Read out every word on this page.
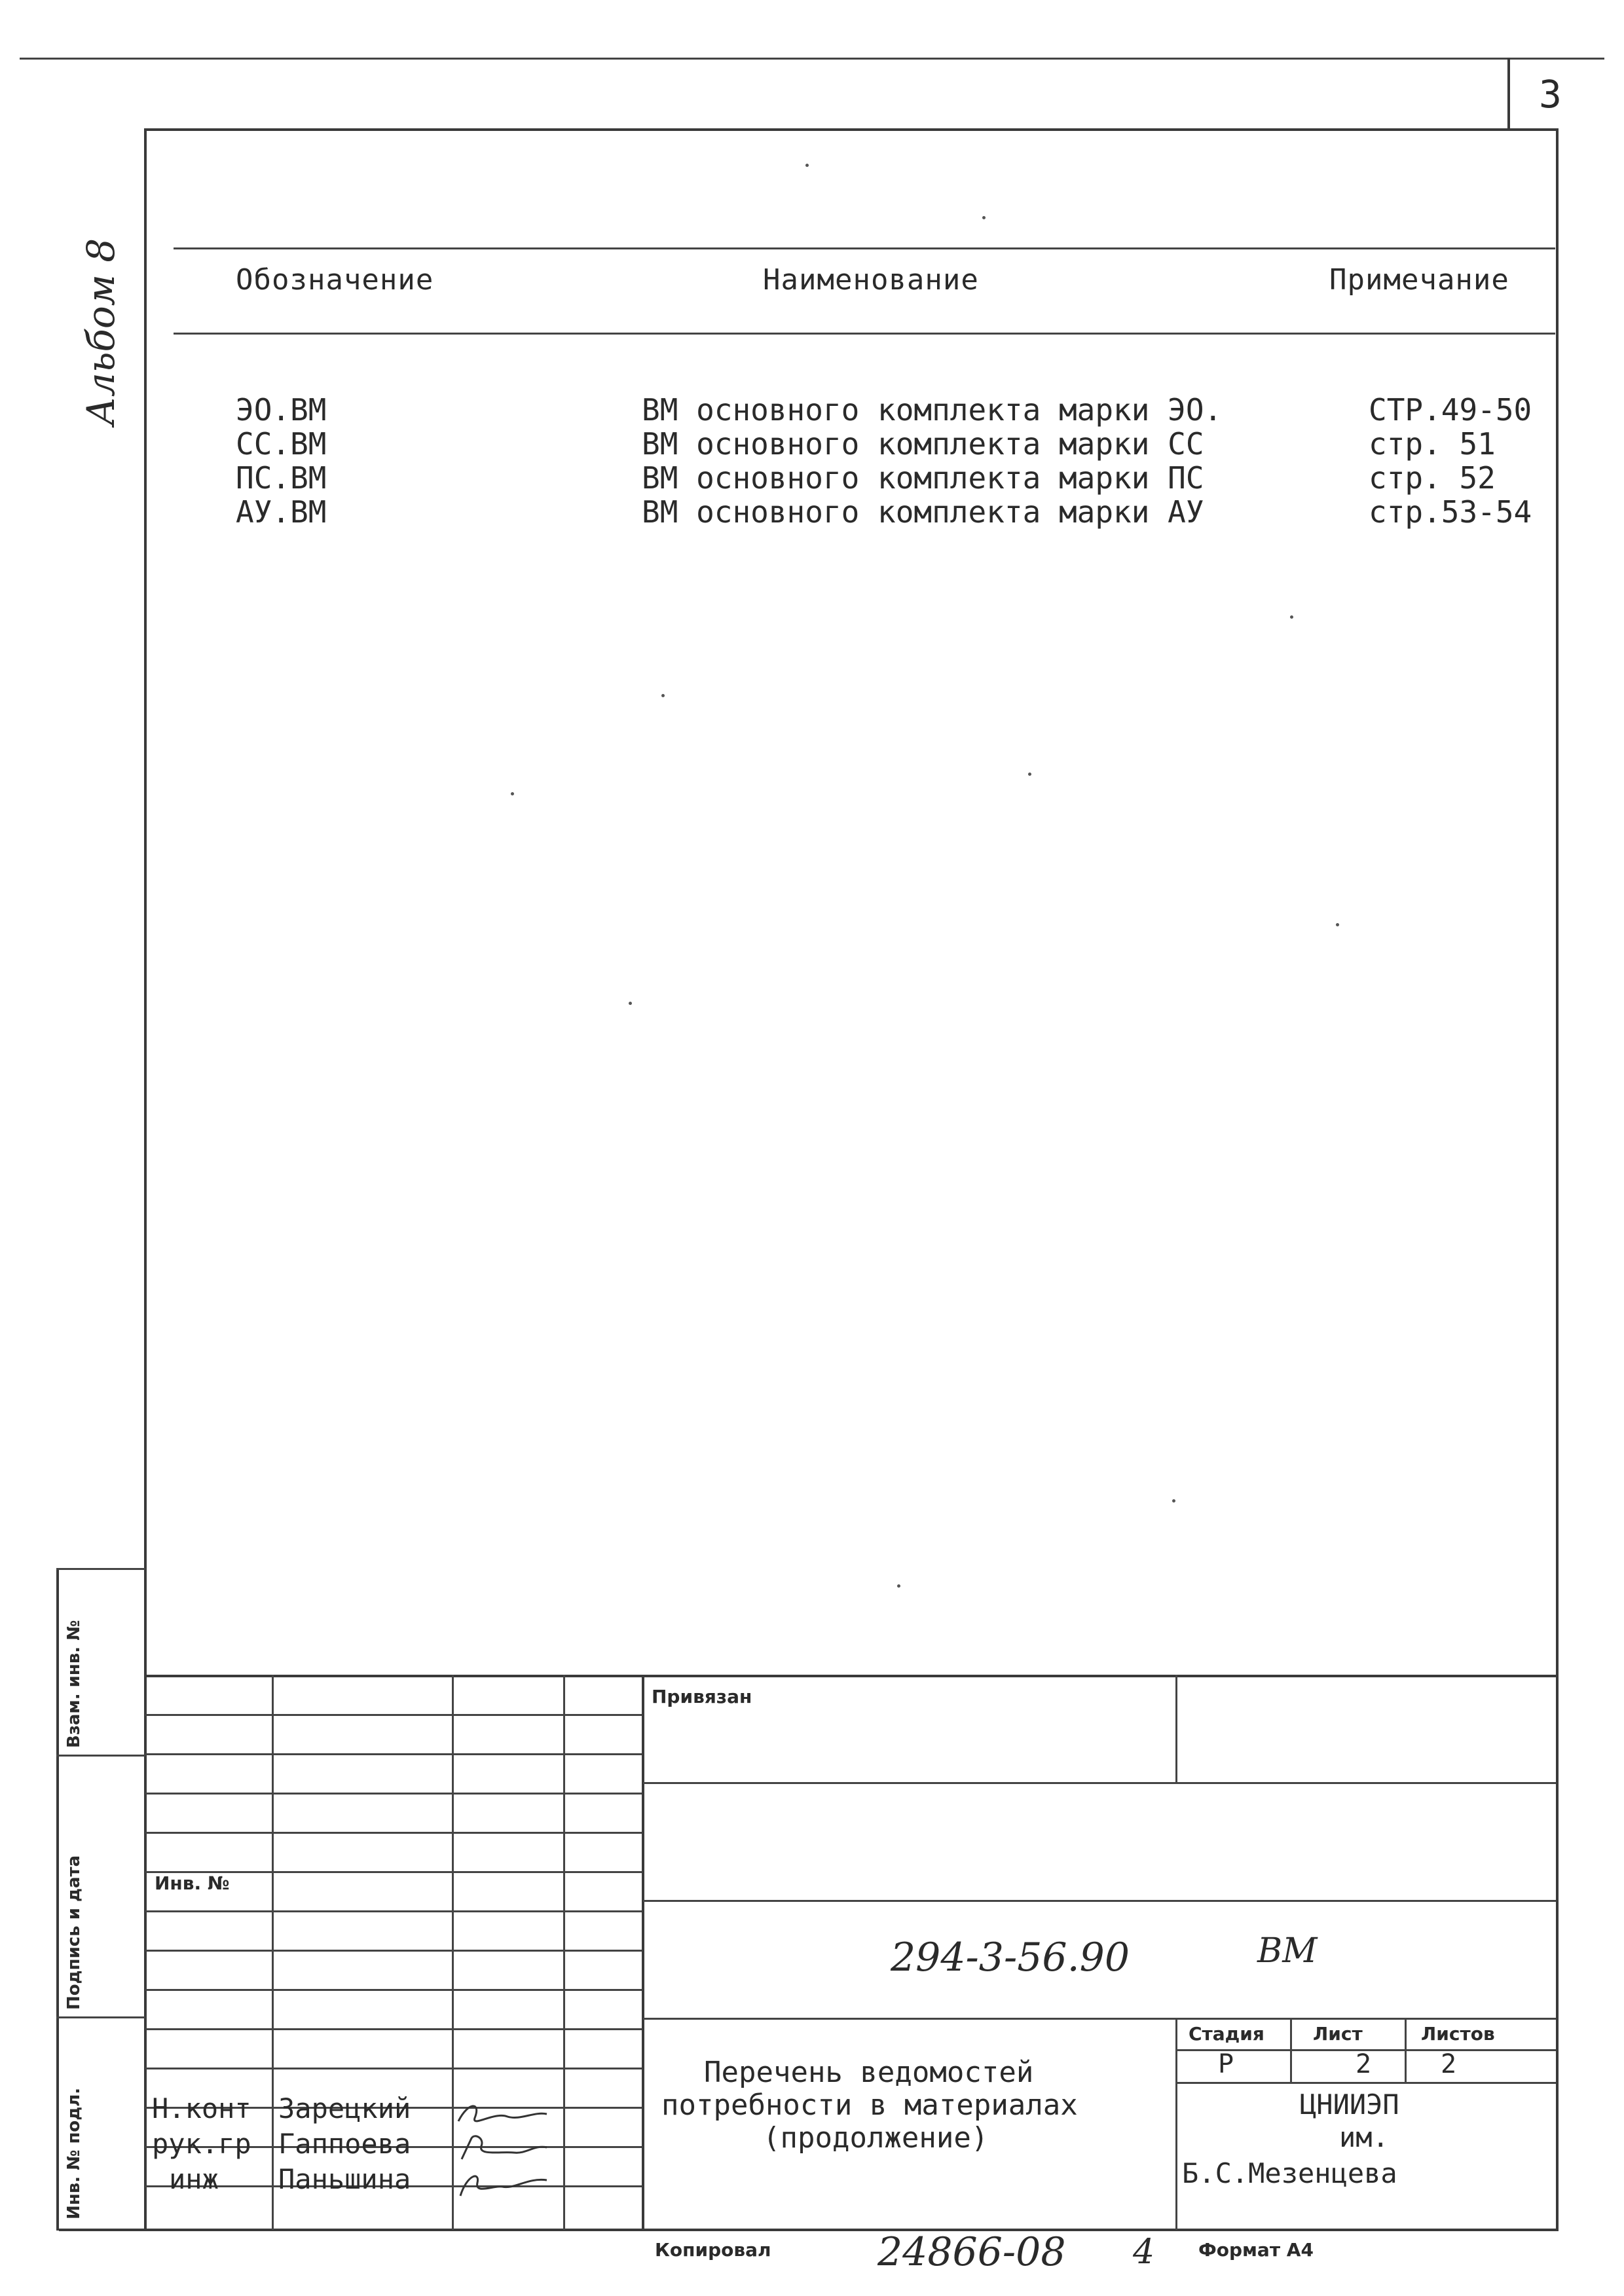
3
Альбом 8	Обозначение	Наименование	Примечание
ЭО.ВМ	ВМ основного комплекта марки ЭО.	СТР.49-50
СС.ВМ	ВМ основного комплекта марки СС	стр. 51
ПС.ВМ	ВМ основного комплекта марки ПС	стр. 52
АУ.ВМ	ВМ основного комплекта марки АУ	стр.53-54
Взам. инв. №
Подпись и дата
Инв. № подл.
Инв. №
Н.конт Зарецкий
рук.гр Гаппоева
инж Паньшина
Привязан
294-3-56.90	ВМ
Перечень ведомостей
потребности в материалах
(продолжение)
Стадия	Лист	Листов
Р	2	2
ЦНИИЭП
им.
Б.С.Мезенцева
Копировал	24866-08 4 Формат А4
